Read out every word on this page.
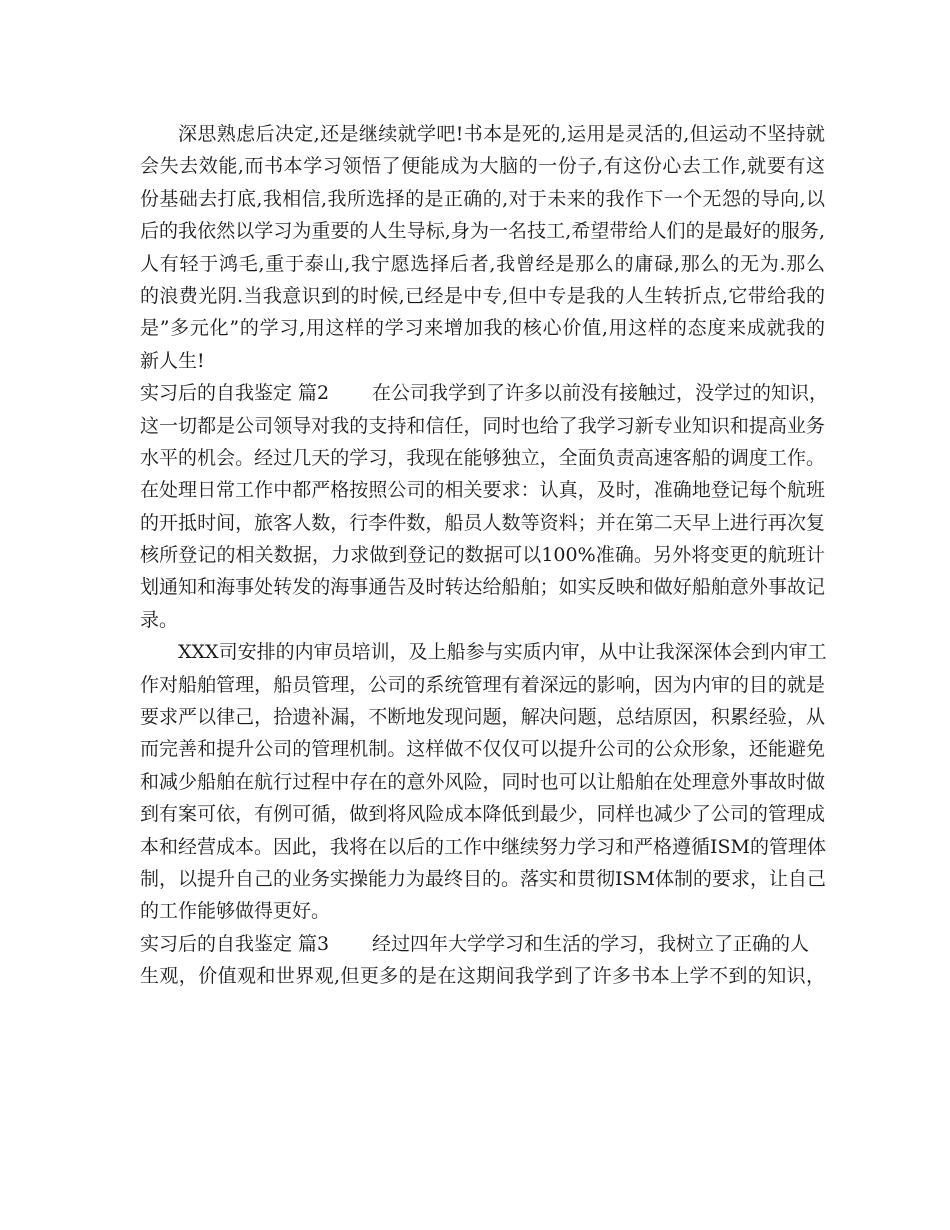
深思熟虑后决定,还是继续就学吧!书本是死的,运用是灵活的,但运动不坚持就
会失去效能,而书本学习领悟了便能成为大脑的一份子,有这份心去工作,就要有这
份基础去打底,我相信,我所选择的是正确的,对于未来的我作下一个无怨的导向,以
后的我依然以学习为重要的人生导标,身为一名技工,希望带给人们的是最好的服务,
人有轻于鸿毛,重于泰山,我宁愿选择后者,我曾经是那么的庸碌,那么的无为.那么
的浪费光阴.当我意识到的时候,已经是中专,但中专是我的人生转折点,它带给我的
是”多元化”的学习,用这样的学习来增加我的核心价值,用这样的态度来成就我的
新人生!
实习后的自我鉴定 篇2 在公司我学到了许多以前没有接触过，没学过的知识，
这一切都是公司领导对我的支持和信任，同时也给了我学习新专业知识和提高业务
水平的机会。经过几天的学习，我现在能够独立，全面负责高速客船的调度工作。
在处理日常工作中都严格按照公司的相关要求：认真，及时，准确地登记每个航班
的开抵时间，旅客人数，行李件数，船员人数等资料；并在第二天早上进行再次复
核所登记的相关数据，力求做到登记的数据可以100%准确。另外将变更的航班计
划通知和海事处转发的海事通告及时转达给船舶；如实反映和做好船舶意外事故记
录。
XXX司安排的内审员培训，及上船参与实质内审，从中让我深深体会到内审工
作对船舶管理，船员管理，公司的系统管理有着深远的影响，因为内审的目的就是
要求严以律己，拾遗补漏，不断地发现问题，解决问题，总结原因，积累经验，从
而完善和提升公司的管理机制。这样做不仅仅可以提升公司的公众形象，还能避免
和减少船舶在航行过程中存在的意外风险，同时也可以让船舶在处理意外事故时做
到有案可依，有例可循，做到将风险成本降低到最少，同样也减少了公司的管理成
本和经营成本。因此，我将在以后的工作中继续努力学习和严格遵循ISM的管理体
制，以提升自己的业务实操能力为最终目的。落实和贯彻ISM体制的要求，让自己
的工作能够做得更好。
实习后的自我鉴定 篇3 经过四年大学学习和生活的学习，我树立了正确的人
生观，价值观和世界观,但更多的是在这期间我学到了许多书本上学不到的知识，
